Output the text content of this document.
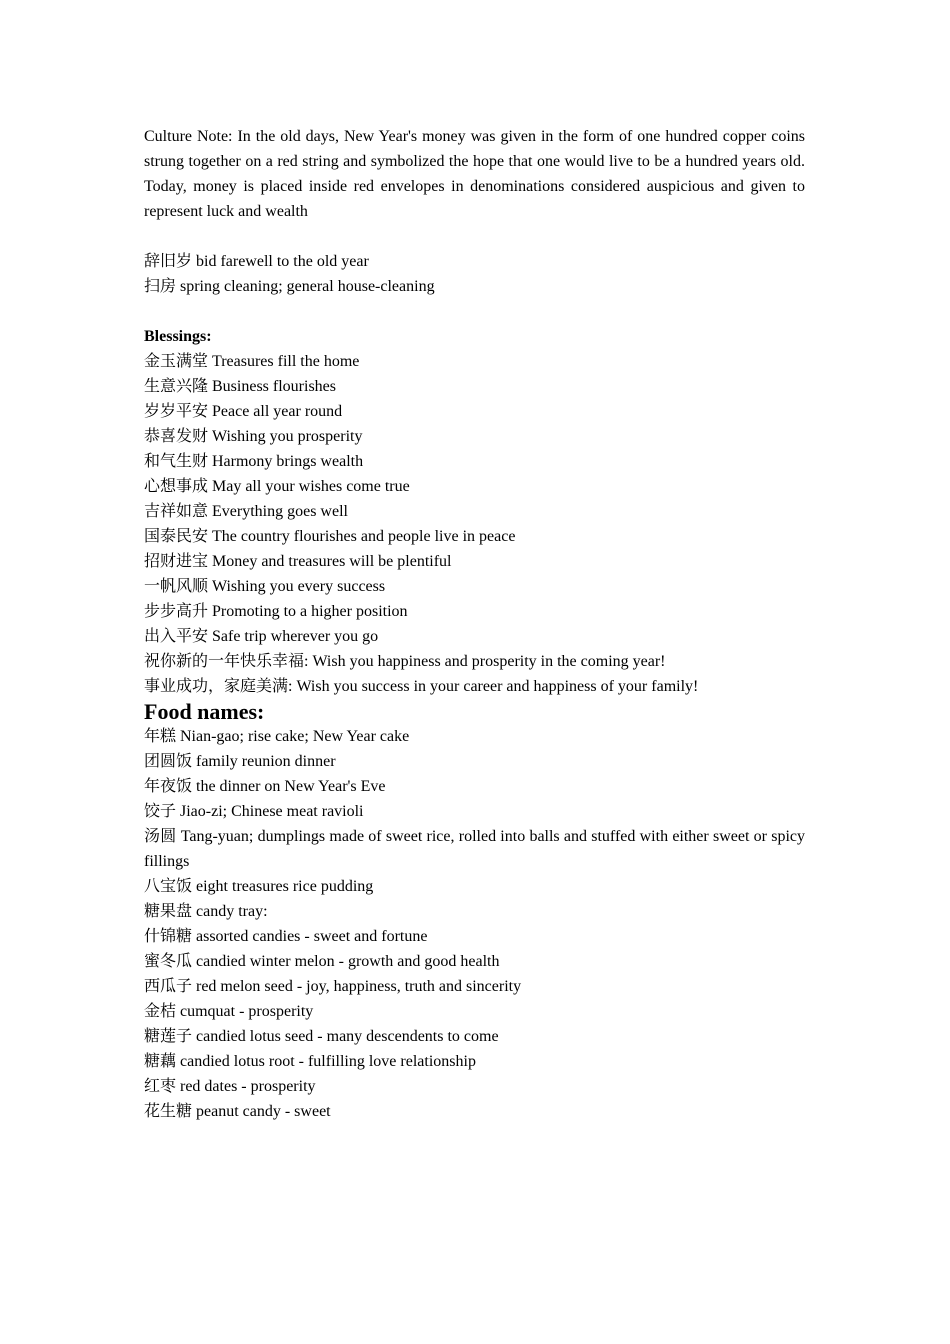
Culture Note: In the old days, New Year's money was given in the form of one hundred copper coins strung together on a red string and symbolized the hope that one would live to be a hundred years old. Today, money is placed inside red envelopes in denominations considered auspicious and given to represent luck and wealth

辞旧岁 bid farewell to the old year
扫房 spring cleaning; general house-cleaning
Blessings:
金玉满堂 Treasures fill the home
生意兴隆 Business flourishes
岁岁平安 Peace all year round
恭喜发财 Wishing you prosperity
和气生财 Harmony brings wealth
心想事成 May all your wishes come true
吉祥如意 Everything goes well
国泰民安 The country flourishes and people live in peace
招财进宝 Money and treasures will be plentiful
一帆风顺 Wishing you every success
步步高升 Promoting to a higher position
出入平安 Safe trip wherever you go
祝你新的一年快乐幸福: Wish you happiness and prosperity in the coming year!
事业成功，家庭美满: Wish you success in your career and happiness of your family!
Food names:
年糕 Nian-gao; rise cake; New Year cake
团圆饭 family reunion dinner
年夜饭 the dinner on New Year's Eve
饺子 Jiao-zi; Chinese meat ravioli
汤圆 Tang-yuan; dumplings made of sweet rice, rolled into balls and stuffed with either sweet or spicy fillings
八宝饭 eight treasures rice pudding
糖果盘 candy tray:
什锦糖 assorted candies - sweet and fortune
蜜冬瓜 candied winter melon - growth and good health
西瓜子 red melon seed - joy, happiness, truth and sincerity
金桔 cumquat - prosperity
糖莲子 candied lotus seed - many descendents to come
糖藕 candied lotus root - fulfilling love relationship
红枣 red dates - prosperity
花生糖 peanut candy - sweet
